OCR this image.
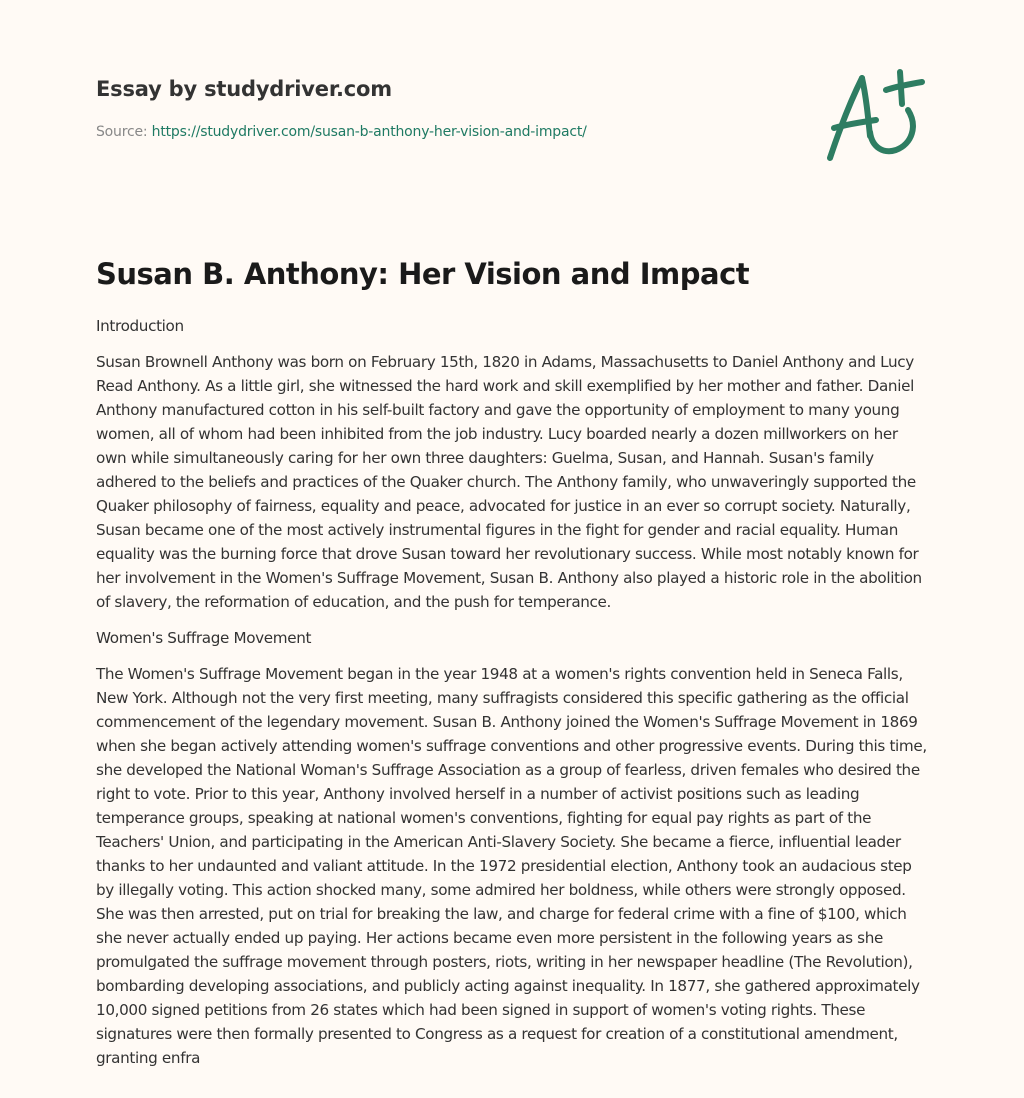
Essay by studydriver.com
Source: https://studydriver.com/susan-b-anthony-her-vision-and-impact/
Susan B. Anthony: Her Vision and Impact
Introduction

Susan Brownell Anthony was born on February 15th, 1820 in Adams, Massachusetts to Daniel Anthony and Lucy Read Anthony. As a little girl, she witnessed the hard work and skill exemplified by her mother and father. Daniel Anthony manufactured cotton in his self-built factory and gave the opportunity of employment to many young women, all of whom had been inhibited from the job industry. Lucy boarded nearly a dozen millworkers on her own while simultaneously caring for her own three daughters: Guelma, Susan, and Hannah. Susan's family adhered to the beliefs and practices of the Quaker church. The Anthony family, who unwaveringly supported the Quaker philosophy of fairness, equality and peace, advocated for justice in an ever so corrupt society. Naturally, Susan became one of the most actively instrumental figures in the fight for gender and racial equality. Human equality was the burning force that drove Susan toward her revolutionary success. While most notably known for her involvement in the Women's Suffrage Movement, Susan B. Anthony also played a historic role in the abolition of slavery, the reformation of education, and the push for temperance.

Women's Suffrage Movement

The Women's Suffrage Movement began in the year 1948 at a women's rights convention held in Seneca Falls, New York. Although not the very first meeting, many suffragists considered this specific gathering as the official commencement of the legendary movement. Susan B. Anthony joined the Women's Suffrage Movement in 1869 when she began actively attending women's suffrage conventions and other progressive events. During this time, she developed the National Woman's Suffrage Association as a group of fearless, driven females who desired the right to vote. Prior to this year, Anthony involved herself in a number of activist positions such as leading temperance groups, speaking at national women's conventions, fighting for equal pay rights as part of the Teachers' Union, and participating in the American Anti-Slavery Society. She became a fierce, influential leader thanks to her undaunted and valiant attitude. In the 1972 presidential election, Anthony took an audacious step by illegally voting. This action shocked many, some admired her boldness, while others were strongly opposed. She was then arrested, put on trial for breaking the law, and charge for federal crime with a fine of $100, which she never actually ended up paying. Her actions became even more persistent in the following years as she promulgated the suffrage movement through posters, riots, writing in her newspaper headline (The Revolution), bombarding developing associations, and publicly acting against inequality. In 1877, she gathered approximately 10,000 signed petitions from 26 states which had been signed in support of women's voting rights. These signatures were then formally presented to Congress as a request for creation of a constitutional amendment, granting enfra
